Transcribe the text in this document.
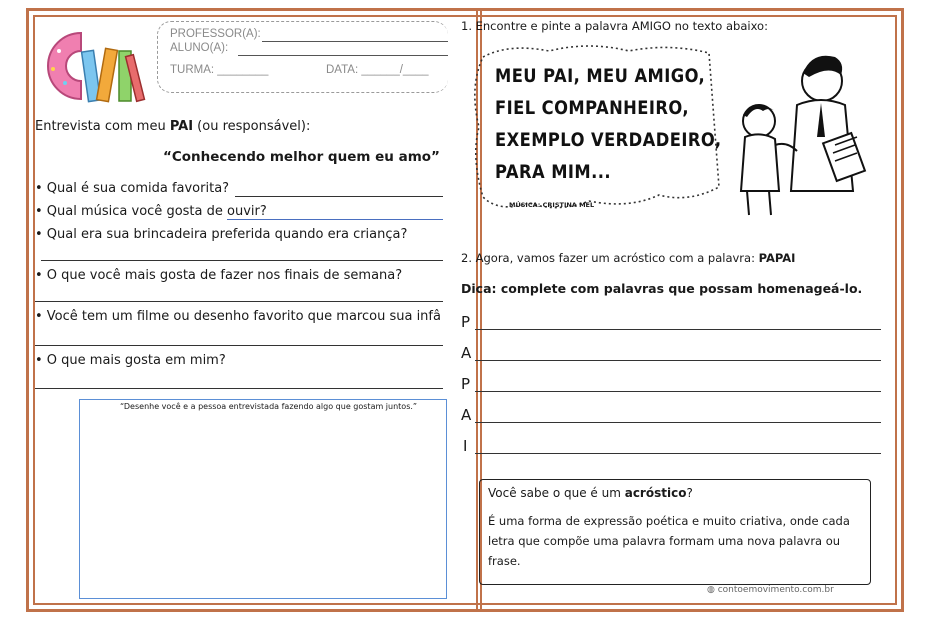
PROFESSOR(A):
ALUNO(A):
TURMA: ________	DATA: ______/____
Entrevista com meu PAI (ou responsável):
“Conhecendo melhor quem eu amo”
• Qual é sua comida favorita?
• Qual música você gosta de ouvir?
• Qual era sua brincadeira preferida quando era criança?
• O que você mais gosta de fazer nos finais de semana?
• Você tem um filme ou desenho favorito que marcou sua infâ
• O que mais gosta em mim?
“Desenhe você e a pessoa entrevistada fazendo algo que gostam juntos.”
1. Encontre e pinte a palavra AMIGO no texto abaixo:
MEU PAI, MEU AMIGO,
FIEL COMPANHEIRO,
EXEMPLO VERDADEIRO,
PARA MIM...
MÚSICA: CRISTINA MEL
2. Agora, vamos fazer um acróstico com a palavra: PAPAI
Dica: complete com palavras que possam homenageá-lo.
P
A
P
A
I
Você sabe o que é um acróstico?
É uma forma de expressão poética e muito criativa, onde cada
letra que compõe uma palavra formam uma nova palavra ou
frase.
◍ contoemovimento.com.br
